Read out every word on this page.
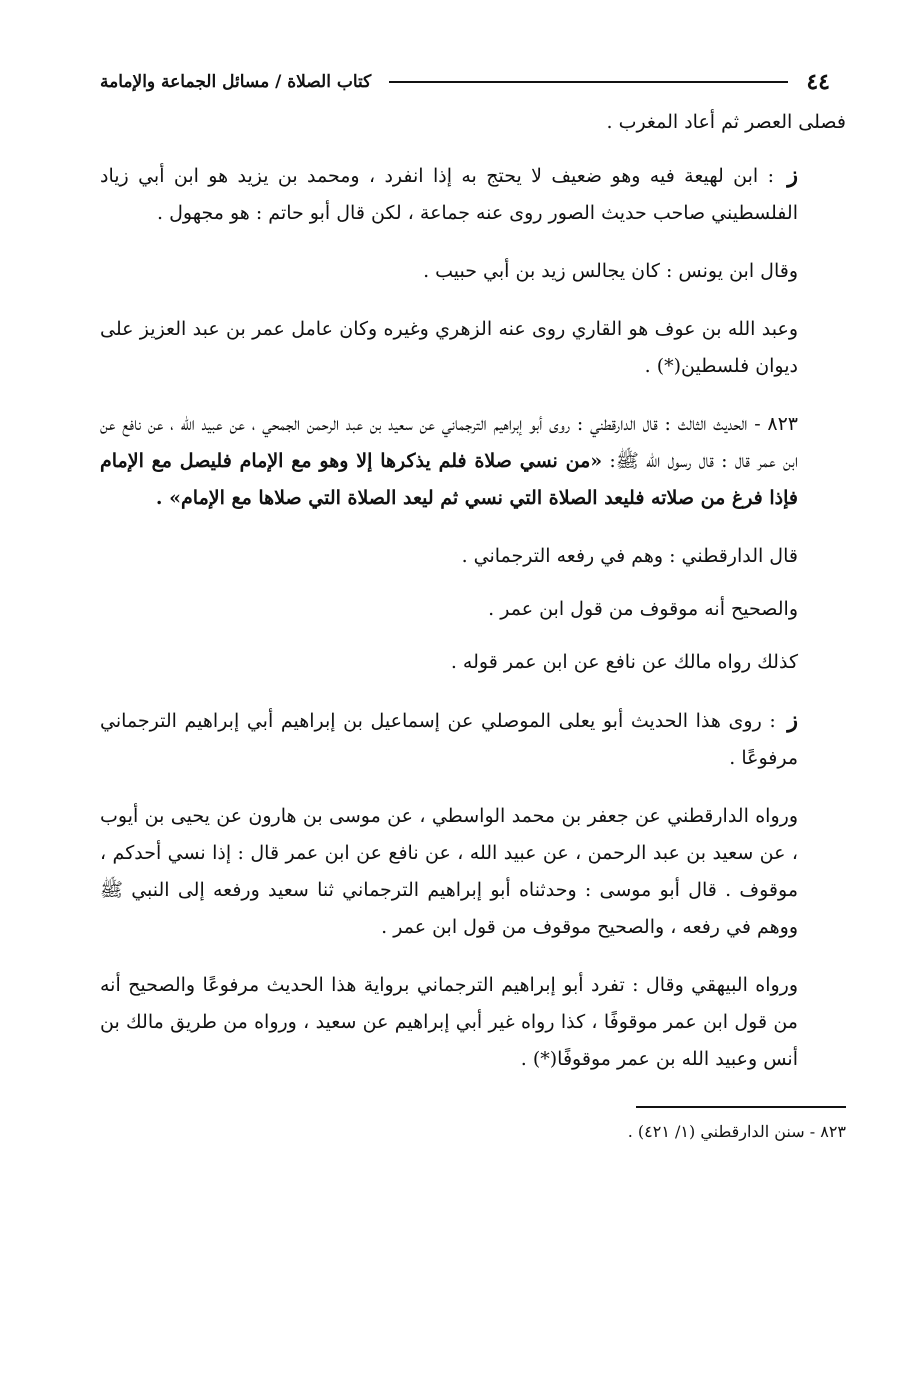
٤٤
كتاب الصلاة / مسائل الجماعة والإمامة

فصلى العصر ثم أعاد المغرب .

ز : ابن لهيعة فيه وهو ضعيف لا يحتج به إذا انفرد ، ومحمد بن يزيد هو ابن أبي زياد الفلسطيني صاحب حديث الصور روى عنه جماعة ، لكن قال أبو حاتم : هو مجهول .

وقال ابن يونس : كان يجالس زيد بن أبي حبيب .

وعبد الله بن عوف هو القاري روى عنه الزهري وغيره وكان عامل عمر بن عبد العزيز على ديوان فلسطين(*) .

٨٢٣ - الحديث الثالث : قال الدارقطني : روى أبو إبراهيم الترجماني عن سعيد بن عبد الرحمن الجمحي ، عن عبيد الله ، عن نافع عن ابن عمر قال : قال رسول الله ﷺ: «من نسي صلاة فلم يذكرها إلا وهو مع الإمام فليصل مع الإمام فإذا فرغ من صلاته فليعد الصلاة التي نسي ثم ليعد الصلاة التي صلاها مع الإمام» .

قال الدارقطني : وهم في رفعه الترجماني .

والصحيح أنه موقوف من قول ابن عمر .

كذلك رواه مالك عن نافع عن ابن عمر قوله .

ز : روى هذا الحديث أبو يعلى الموصلي عن إسماعيل بن إبراهيم أبي إبراهيم الترجماني مرفوعًا .

ورواه الدارقطني عن جعفر بن محمد الواسطي ، عن موسى بن هارون عن يحيى بن أيوب ، عن سعيد بن عبد الرحمن ، عن عبيد الله ، عن نافع عن ابن عمر قال : إذا نسي أحدكم ، موقوف . قال أبو موسى : وحدثناه أبو إبراهيم الترجماني ثنا سعيد ورفعه إلى النبي ﷺ ووهم في رفعه ، والصحيح موقوف من قول ابن عمر .

ورواه البيهقي وقال : تفرد أبو إبراهيم الترجماني برواية هذا الحديث مرفوعًا والصحيح أنه من قول ابن عمر موقوفًا ، كذا رواه غير أبي إبراهيم عن سعيد ، ورواه من طريق مالك بن أنس وعبيد الله بن عمر موقوفًا(*) .

٨٢٣ - سنن الدارقطني (١/ ٤٢١) .
